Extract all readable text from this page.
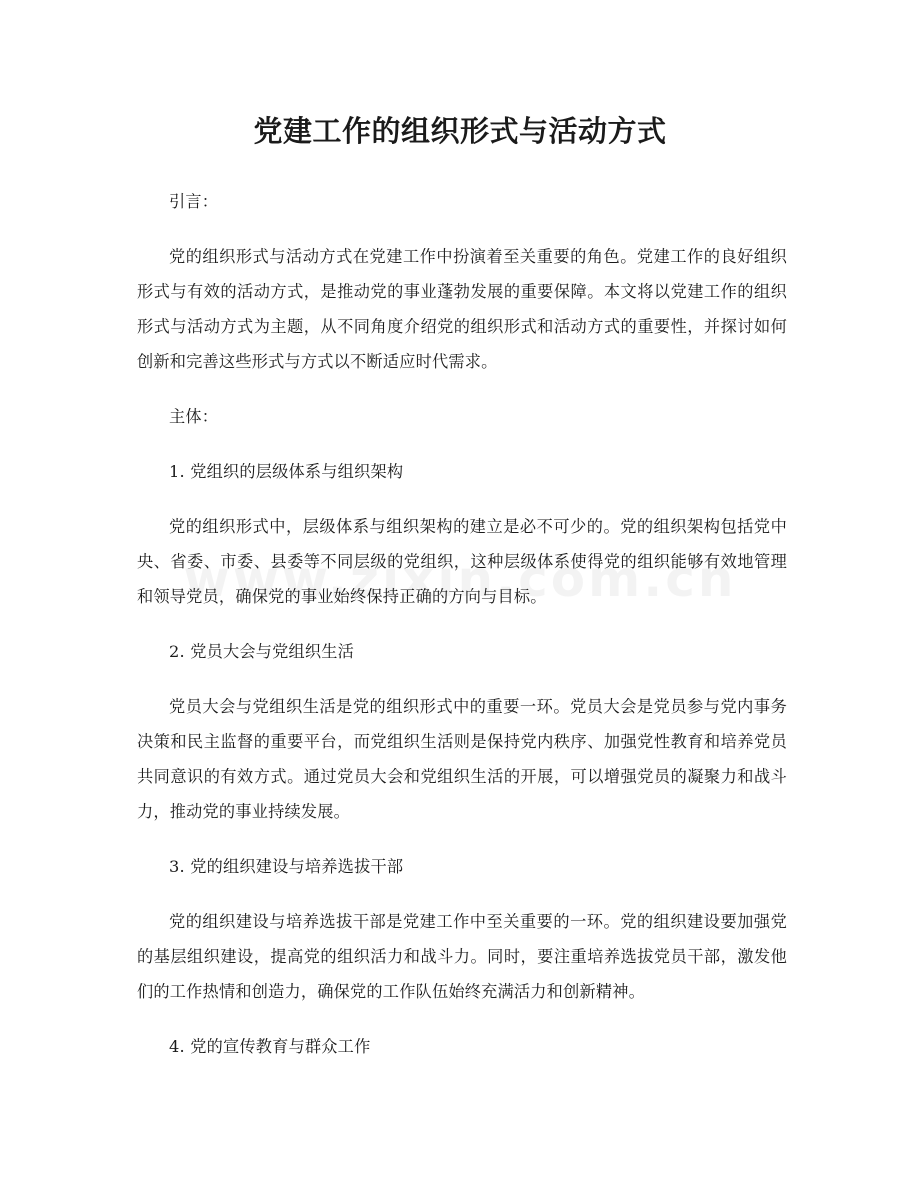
党建工作的组织形式与活动方式

引言：

党的组织形式与活动方式在党建工作中扮演着至关重要的角色。党建工作的良好组织形式与有效的活动方式，是推动党的事业蓬勃发展的重要保障。本文将以党建工作的组织形式与活动方式为主题，从不同角度介绍党的组织形式和活动方式的重要性，并探讨如何创新和完善这些形式与方式以不断适应时代需求。

主体：

1. 党组织的层级体系与组织架构

党的组织形式中，层级体系与组织架构的建立是必不可少的。党的组织架构包括党中央、省委、市委、县委等不同层级的党组织，这种层级体系使得党的组织能够有效地管理和领导党员，确保党的事业始终保持正确的方向与目标。

2. 党员大会与党组织生活

党员大会与党组织生活是党的组织形式中的重要一环。党员大会是党员参与党内事务决策和民主监督的重要平台，而党组织生活则是保持党内秩序、加强党性教育和培养党员共同意识的有效方式。通过党员大会和党组织生活的开展，可以增强党员的凝聚力和战斗力，推动党的事业持续发展。

3. 党的组织建设与培养选拔干部

党的组织建设与培养选拔干部是党建工作中至关重要的一环。党的组织建设要加强党的基层组织建设，提高党的组织活力和战斗力。同时，要注重培养选拔党员干部，激发他们的工作热情和创造力，确保党的工作队伍始终充满活力和创新精神。

4. 党的宣传教育与群众工作
